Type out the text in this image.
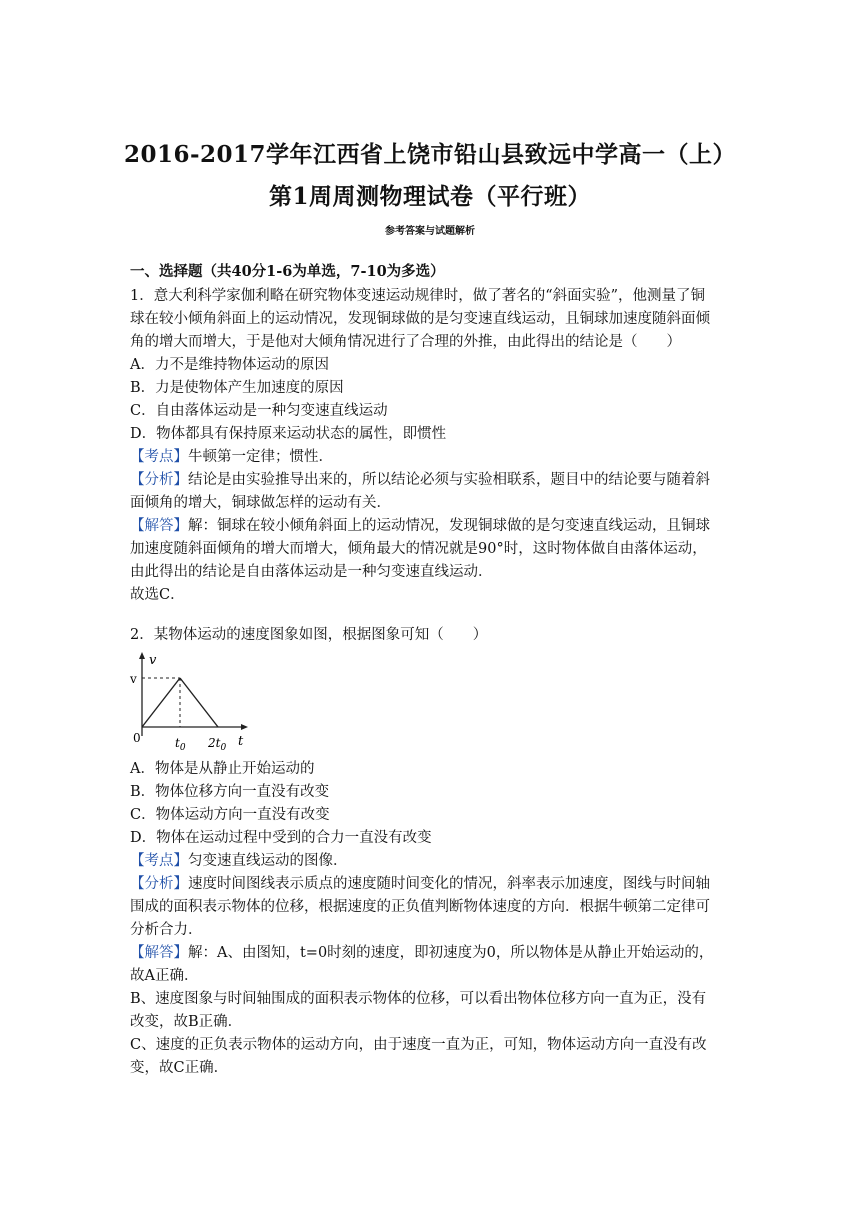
2016-2017学年江西省上饶市铅山县致远中学高一（上）
第1周周测物理试卷（平行班）
参考答案与试题解析
一、选择题（共40分1-6为单选，7-10为多选）
1．意大利科学家伽利略在研究物体变速运动规律时，做了著名的“斜面实验”，他测量了铜
球在较小倾角斜面上的运动情况，发现铜球做的是匀变速直线运动，且铜球加速度随斜面倾
角的增大而增大，于是他对大倾角情况进行了合理的外推，由此得出的结论是（　　）
A．力不是维持物体运动的原因
B．力是使物体产生加速度的原因
C．自由落体运动是一种匀变速直线运动
D．物体都具有保持原来运动状态的属性，即惯性
【考点】牛顿第一定律；惯性．
【分析】结论是由实验推导出来的，所以结论必须与实验相联系，题目中的结论要与随着斜
面倾角的增大，铜球做怎样的运动有关．
【解答】解：铜球在较小倾角斜面上的运动情况，发现铜球做的是匀变速直线运动，且铜球
加速度随斜面倾角的增大而增大，倾角最大的情况就是90°时，这时物体做自由落体运动，
由此得出的结论是自由落体运动是一种匀变速直线运动．
故选C．
2．某物体运动的速度图象如图，根据图象可知（　　）
v
v
0	$t_0$ $2t_0$ t
A．物体是从静止开始运动的
B．物体位移方向一直没有改变
C．物体运动方向一直没有改变
D．物体在运动过程中受到的合力一直没有改变
【考点】匀变速直线运动的图像．
【分析】速度时间图线表示质点的速度随时间变化的情况，斜率表示加速度，图线与时间轴
围成的面积表示物体的位移，根据速度的正负值判断物体速度的方向．根据牛顿第二定律可
分析合力．
【解答】解：A、由图知，t=0时刻的速度，即初速度为0，所以物体是从静止开始运动的，
故A正确．
B、速度图象与时间轴围成的面积表示物体的位移，可以看出物体位移方向一直为正，没有
改变，故B正确．
C、速度的正负表示物体的运动方向，由于速度一直为正，可知，物体运动方向一直没有改
变，故C正确．
